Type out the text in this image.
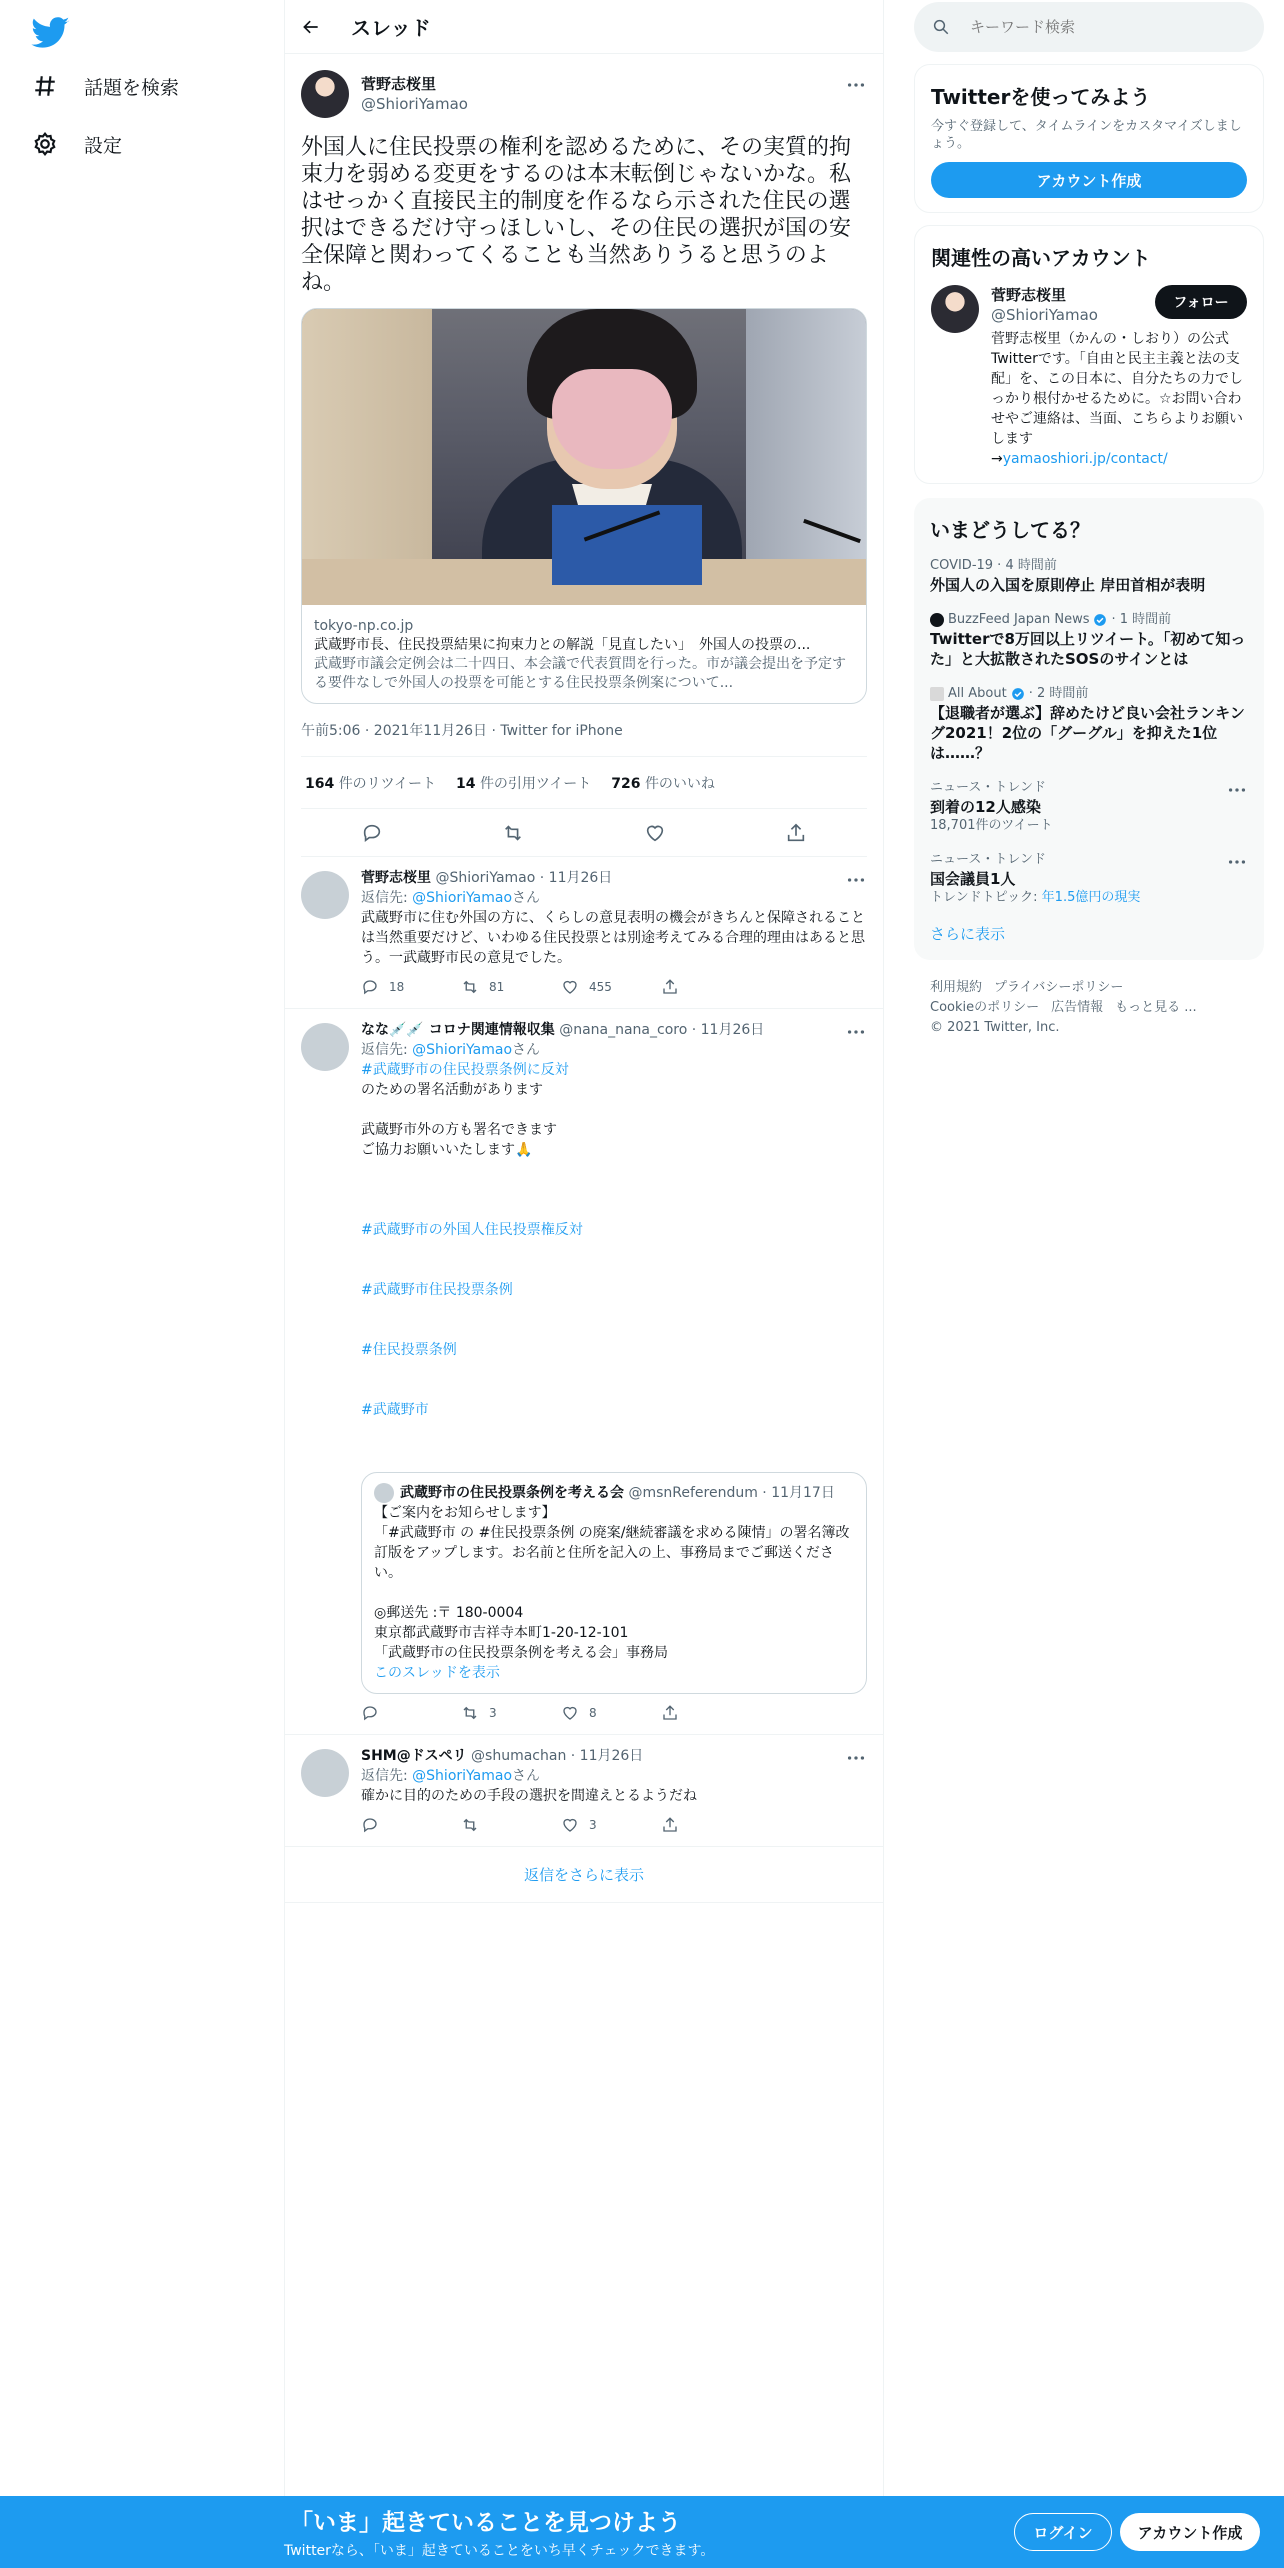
話題を検索
設定
スレッド
菅野志桜里
@ShioriYamao
外国人に住民投票の権利を認めるために、その実質的拘束力を弱める変更をするのは本末転倒じゃないかな。私はせっかく直接民主的制度を作るなら示された住民の選択はできるだけ守っほしいし、その住民の選択が国の安全保障と関わってくることも当然ありうると思うのよね。
tokyo-np.co.jp
武蔵野市長、住民投票結果に拘束力との解説「見直したい」　外国人の投票の...
武蔵野市議会定例会は二十四日、本会議で代表質問を行った。市が議会提出を予定する要件なしで外国人の投票を可能とする住民投票条例案について...
午前5:06 · 2021年11月26日 · Twitter for iPhone
164 件のリツイート 14 件の引用ツイート 726 件のいいね
菅野志桜里 @ShioriYamao · 11月26日
返信先: @ShioriYamaoさん
武蔵野市に住む外国の方に、くらしの意見表明の機会がきちんと保障されることは当然重要だけど、いわゆる住民投票とは別途考えてみる合理的理由はあると思う。一武蔵野市民の意見でした。
18	81	455
なな💉💉 コロナ関連情報収集 @nana_nana_coro · 11月26日
返信先: @ShioriYamaoさん
#武蔵野市の住民投票条例に反対
のための署名活動があります

武蔵野市外の方も署名できます
ご協力お願いいたします🙏

#武蔵野市の外国人住民投票権反対

#武蔵野市住民投票条例

#住民投票条例

#武蔵野市

武蔵野市の住民投票条例を考える会
@msnReferendum
· 11月17日
【ご案内をお知らせします】
「#武蔵野市 の #住民投票条例 の廃案/継続審議を求める陳情」の署名簿改訂版をアップします。お名前と住所を記入の上、事務局までご郵送ください。

◎郵送先 :〒 180-0004
東京都武蔵野市吉祥寺本町1-20-12-101
「武蔵野市の住民投票条例を考える会」事務局
このスレッドを表示
3	8
SHM@ドスペリ @shumachan · 11月26日
返信先: @ShioriYamaoさん
確かに目的のための手段の選択を間違えとるようだね
3
返信をさらに表示
キーワード検索
Twitterを使ってみよう

今すぐ登録して、タイムラインをカスタマイズしましょう。

アカウント作成
関連性の高いアカウント
菅野志桜里
@ShioriYamao
フォロー
菅野志桜里（かんの・しおり）の公式Twitterです。「自由と民主主義と法の支配」を、この日本に、自分たちの力でしっかり根付かせるために。☆お問い合わせやご連絡は、当面、こちらよりお願いします
→yamaoshiori.jp/contact/
いまどうしてる？
COVID-19 · 4 時間前
外国人の入国を原則停止 岸田首相が表明
BuzzFeed Japan News · 1 時間前
Twitterで8万回以上リツイート。「初めて知った」と大拡散されたSOSのサインとは
All About · 2 時間前
【退職者が選ぶ】辞めたけど良い会社ランキング2021！2位の「グーグル」を抑えた1位は……？
ニュース・トレンド
到着の12人感染
18,701件のツイート
ニュース・トレンド
国会議員1人
トレンドトピック: 年1.5億円の現実
さらに表示
利用規約 プライバシーポリシー
Cookieのポリシー 広告情報 もっと見る ...
© 2021 Twitter, Inc.
「いま」起きていることを見つけよう
Twitterなら、「いま」起きていることをいち早くチェックできます。
ログイン	アカウント作成
